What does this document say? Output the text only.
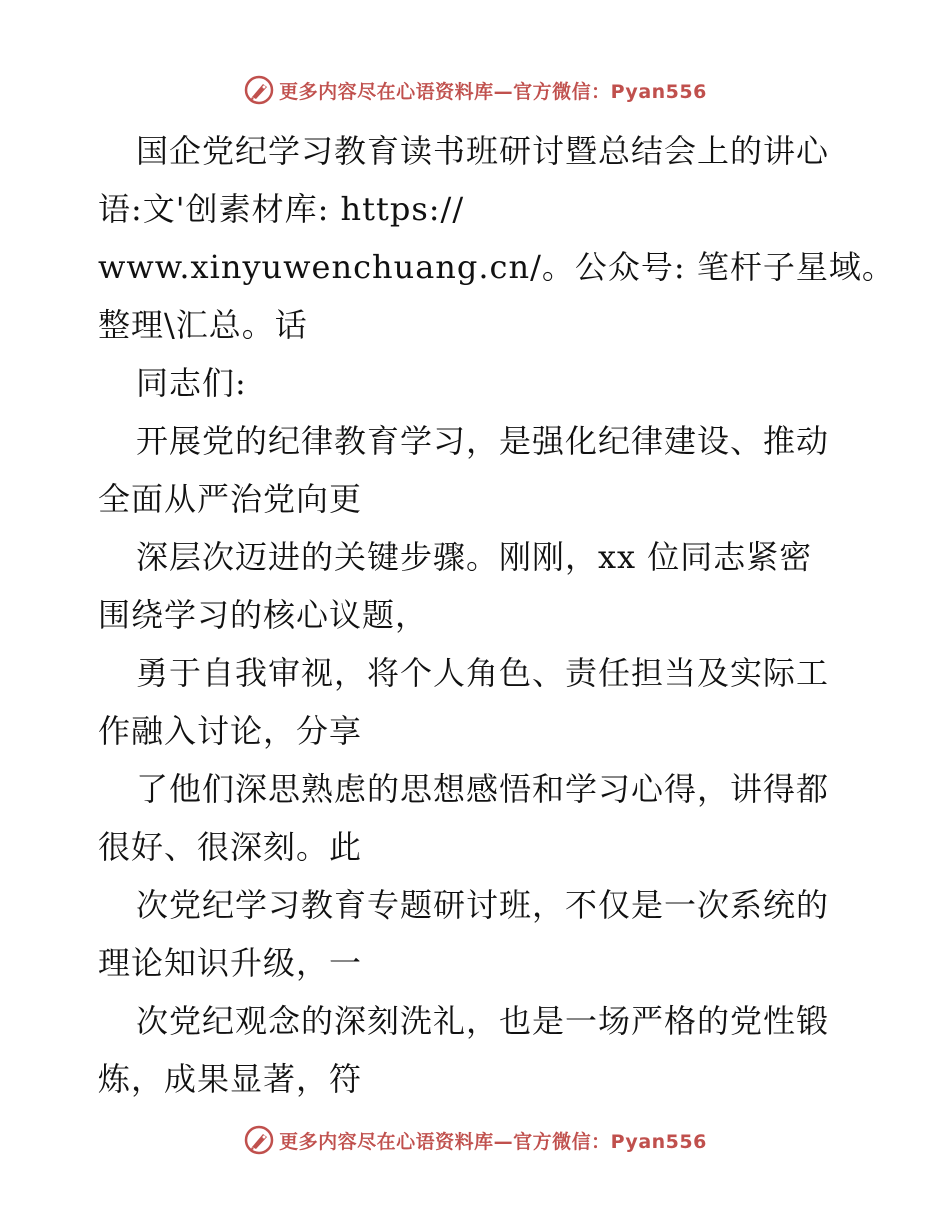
更多内容尽在心语资料库—官方微信：Pyan556
国企党纪学习教育读书班研讨暨总结会上的讲心
语:文'创素材库: https://
www.xinyuwenchuang.cn/。公众号: 笔杆子星域。
整理\汇总。话
同志们:
开展党的纪律教育学习，是强化纪律建设、推动
全面从严治党向更
深层次迈进的关键步骤。刚刚，xx 位同志紧密
围绕学习的核心议题，
勇于自我审视，将个人角色、责任担当及实际工
作融入讨论，分享
了他们深思熟虑的思想感悟和学习心得，讲得都
很好、很深刻。此
次党纪学习教育专题研讨班，不仅是一次系统的
理论知识升级，一
次党纪观念的深刻洗礼，也是一场严格的党性锻
炼，成果显著，符
更多内容尽在心语资料库—官方微信：Pyan556
